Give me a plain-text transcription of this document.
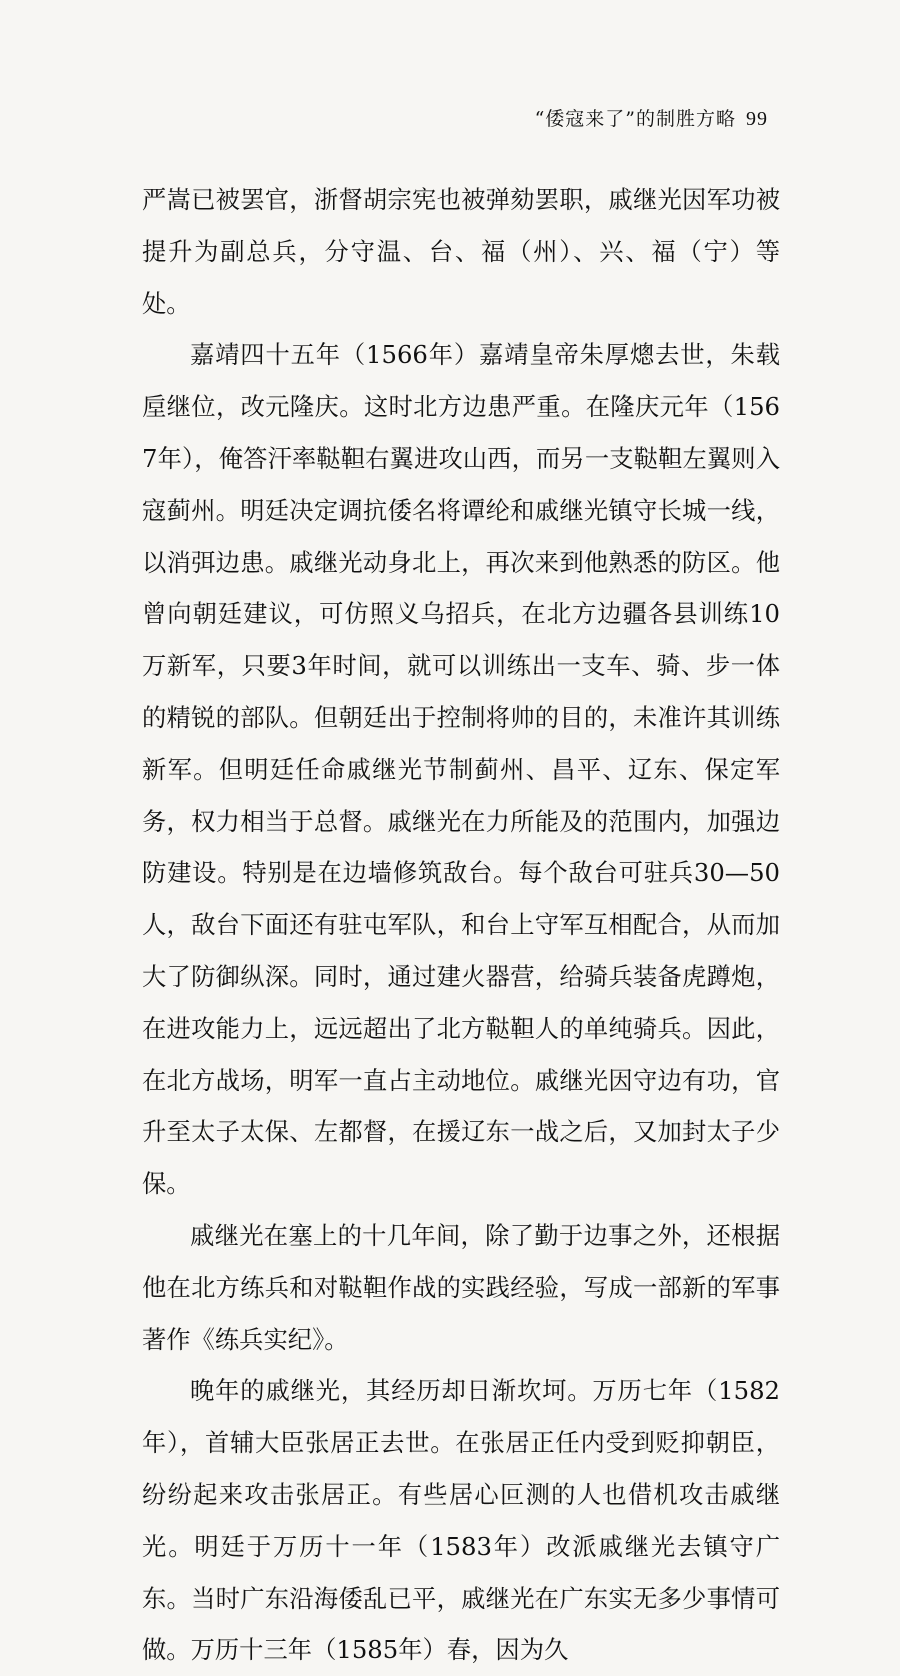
“倭寇来了”的制胜方略 99

严嵩已被罢官，浙督胡宗宪也被弹劾罢职，戚继光因军功被提升为副总兵，分守温、台、福（州）、兴、福（宁）等处。

嘉靖四十五年（1566年）嘉靖皇帝朱厚熜去世，朱载垕继位，改元隆庆。这时北方边患严重。在隆庆元年（1567年），俺答汗率鞑靼右翼进攻山西，而另一支鞑靼左翼则入寇蓟州。明廷决定调抗倭名将谭纶和戚继光镇守长城一线，以消弭边患。戚继光动身北上，再次来到他熟悉的防区。他曾向朝廷建议，可仿照义乌招兵，在北方边疆各县训练10万新军，只要3年时间，就可以训练出一支车、骑、步一体的精锐的部队。但朝廷出于控制将帅的目的，未准许其训练新军。但明廷任命戚继光节制蓟州、昌平、辽东、保定军务，权力相当于总督。戚继光在力所能及的范围内，加强边防建设。特别是在边墙修筑敌台。每个敌台可驻兵30—50人，敌台下面还有驻屯军队，和台上守军互相配合，从而加大了防御纵深。同时，通过建火器营，给骑兵装备虎蹲炮，在进攻能力上，远远超出了北方鞑靼人的单纯骑兵。因此，在北方战场，明军一直占主动地位。戚继光因守边有功，官升至太子太保、左都督，在援辽东一战之后，又加封太子少保。

戚继光在塞上的十几年间，除了勤于边事之外，还根据他在北方练兵和对鞑靼作战的实践经验，写成一部新的军事著作《练兵实纪》。

晚年的戚继光，其经历却日渐坎坷。万历七年（1582年），首辅大臣张居正去世。在张居正任内受到贬抑朝臣，纷纷起来攻击张居正。有些居心叵测的人也借机攻击戚继光。明廷于万历十一年（1583年）改派戚继光去镇守广东。当时广东沿海倭乱已平，戚继光在广东实无多少事情可做。万历十三年（1585年）春，因为久
